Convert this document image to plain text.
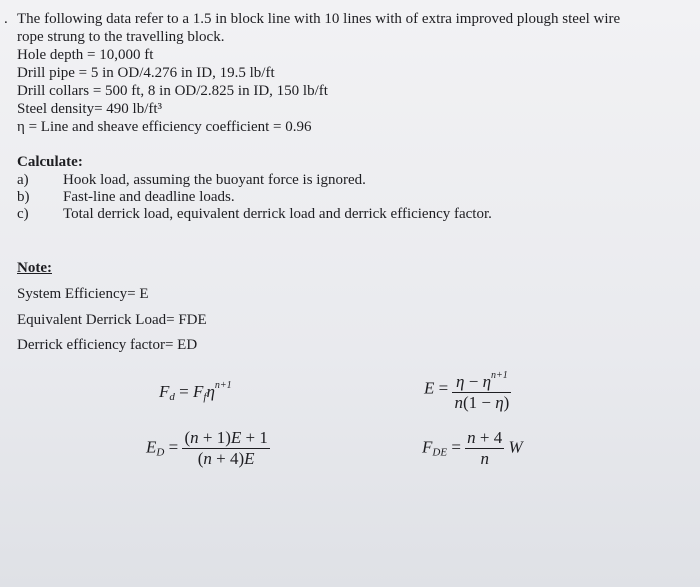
. The following data refer to a 1.5 in block line with 10 lines with of extra improved plough steel wire
rope strung to the travelling block.
Hole depth = 10,000 ft
Drill pipe = 5 in OD/4.276 in ID, 19.5 lb/ft
Drill collars = 500 ft, 8 in OD/2.825 in ID, 150 lb/ft
Steel density= 490 lb/ft³
η = Line and sheave efficiency coefficient = 0.96
Calculate:
a) Hook load, assuming the buoyant force is ignored.
b) Fast-line and deadline loads.
c) Total derrick load, equivalent derrick load and derrick efficiency factor.
Note:
System Efficiency= E
Equivalent Derrick Load= FDE
Derrick efficiency factor= ED
$F_d = F_f\eta^{n+1}$	$E = \frac{\eta - \eta^{n+1}}{n(1 - \eta)}$
$E_D = \frac{(n + 1)E + 1}{(n + 4)E}$	$F_{DE} = \frac{n + 4}{n}$ W
